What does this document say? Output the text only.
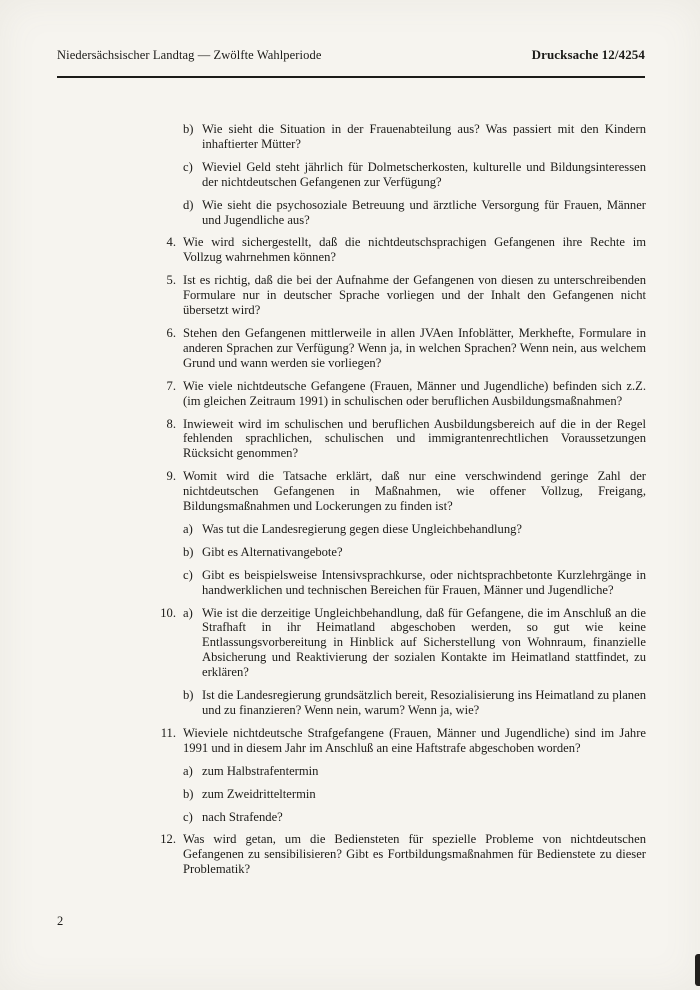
Niedersächsischer Landtag — Zwölfte Wahlperiode	Drucksache 12/4254
b) Wie sieht die Situation in der Frauenabteilung aus? Was passiert mit den Kindern inhaftierter Mütter?
c) Wieviel Geld steht jährlich für Dolmetscherkosten, kulturelle und Bildungsinteressen der nichtdeutschen Gefangenen zur Verfügung?
d) Wie sieht die psychosoziale Betreuung und ärztliche Versorgung für Frauen, Männer und Jugendliche aus?
4. Wie wird sichergestellt, daß die nichtdeutschsprachigen Gefangenen ihre Rechte im Vollzug wahrnehmen können?
5. Ist es richtig, daß die bei der Aufnahme der Gefangenen von diesen zu unterschreibenden Formulare nur in deutscher Sprache vorliegen und der Inhalt den Gefangenen nicht übersetzt wird?
6. Stehen den Gefangenen mittlerweile in allen JVAen Infoblätter, Merkhefte, Formulare in anderen Sprachen zur Verfügung? Wenn ja, in welchen Sprachen? Wenn nein, aus welchem Grund und wann werden sie vorliegen?
7. Wie viele nichtdeutsche Gefangene (Frauen, Männer und Jugendliche) befinden sich z.Z. (im gleichen Zeitraum 1991) in schulischen oder beruflichen Ausbildungsmaßnahmen?
8. Inwieweit wird im schulischen und beruflichen Ausbildungsbereich auf die in der Regel fehlenden sprachlichen, schulischen und immigrantenrechtlichen Voraussetzungen Rücksicht genommen?
9. Womit wird die Tatsache erklärt, daß nur eine verschwindend geringe Zahl der nichtdeutschen Gefangenen in Maßnahmen, wie offener Vollzug, Freigang, Bildungsmaßnahmen und Lockerungen zu finden ist?
a) Was tut die Landesregierung gegen diese Ungleichbehandlung?
b) Gibt es Alternativangebote?
c) Gibt es beispielsweise Intensivsprachkurse, oder nichtsprachbetonte Kurzlehrgänge in handwerklichen und technischen Bereichen für Frauen, Männer und Jugendliche?
10. a) Wie ist die derzeitige Ungleichbehandlung, daß für Gefangene, die im Anschluß an die Strafhaft in ihr Heimatland abgeschoben werden, so gut wie keine Entlassungsvorbereitung in Hinblick auf Sicherstellung von Wohnraum, finanzielle Absicherung und Reaktivierung der sozialen Kontakte im Heimatland stattfindet, zu erklären?
b) Ist die Landesregierung grundsätzlich bereit, Resozialisierung ins Heimatland zu planen und zu finanzieren? Wenn nein, warum? Wenn ja, wie?
11. Wieviele nichtdeutsche Strafgefangene (Frauen, Männer und Jugendliche) sind im Jahre 1991 und in diesem Jahr im Anschluß an eine Haftstrafe abgeschoben worden?
a) zum Halbstrafentermin
b) zum Zweidritteltermin
c) nach Strafende?
12. Was wird getan, um die Bediensteten für spezielle Probleme von nichtdeutschen Gefangenen zu sensibilisieren? Gibt es Fortbildungsmaßnahmen für Bedienstete zu dieser Problematik?
2
